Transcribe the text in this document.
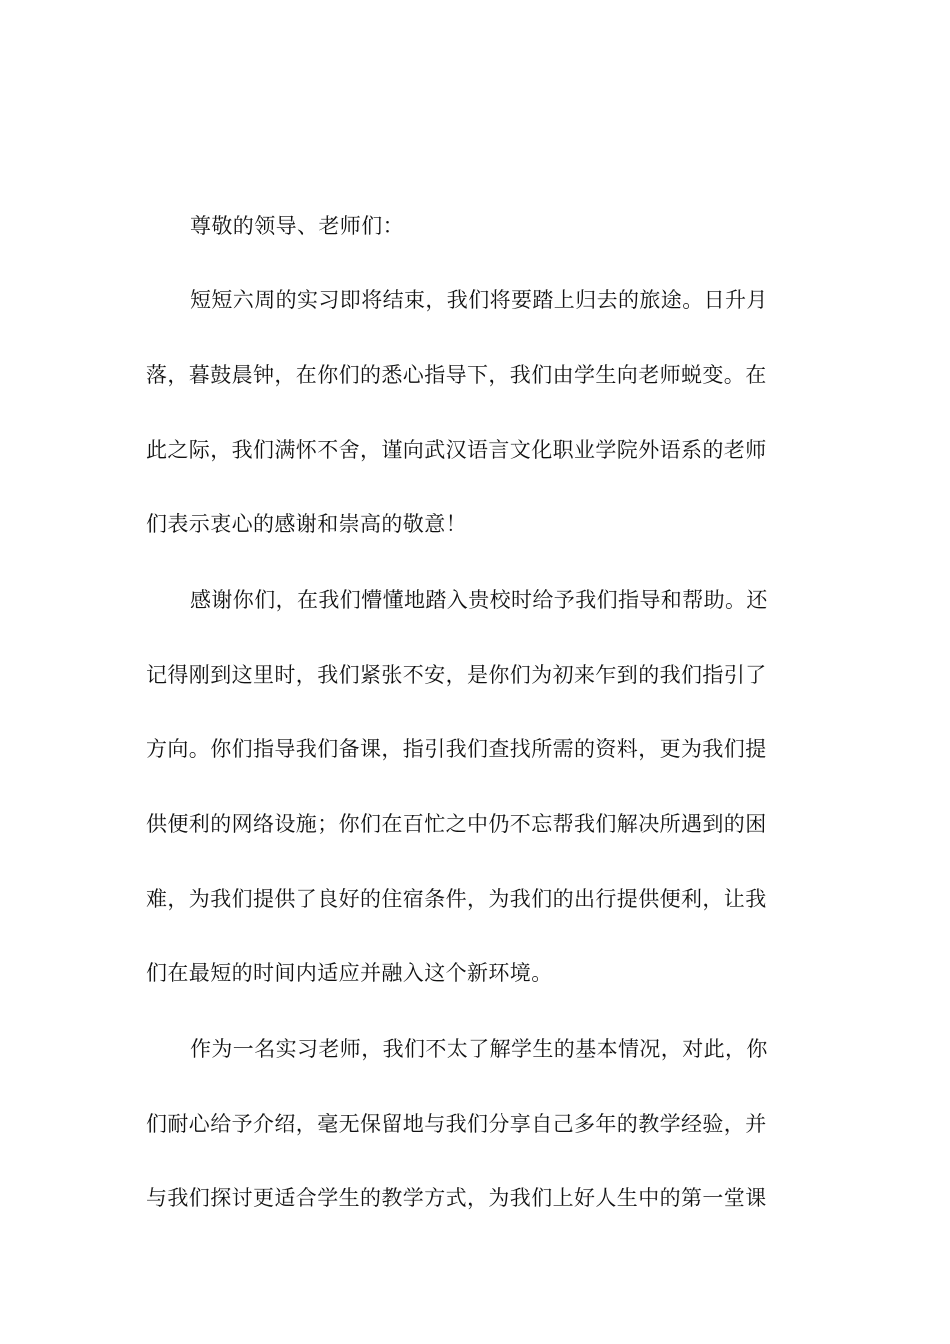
尊敬的领导、老师们：
短短六周的实习即将结束，我们将要踏上归去的旅途。日升月
落，暮鼓晨钟，在你们的悉心指导下，我们由学生向老师蜕变。在
此之际，我们满怀不舍，谨向武汉语言文化职业学院外语系的老师
们表示衷心的感谢和崇高的敬意！
感谢你们，在我们懵懂地踏入贵校时给予我们指导和帮助。还
记得刚到这里时，我们紧张不安，是你们为初来乍到的我们指引了
方向。你们指导我们备课，指引我们查找所需的资料，更为我们提
供便利的网络设施；你们在百忙之中仍不忘帮我们解决所遇到的困
难，为我们提供了良好的住宿条件，为我们的出行提供便利，让我
们在最短的时间内适应并融入这个新环境。
作为一名实习老师，我们不太了解学生的基本情况，对此，你
们耐心给予介绍，毫无保留地与我们分享自己多年的教学经验，并
与我们探讨更适合学生的教学方式，为我们上好人生中的第一堂课
